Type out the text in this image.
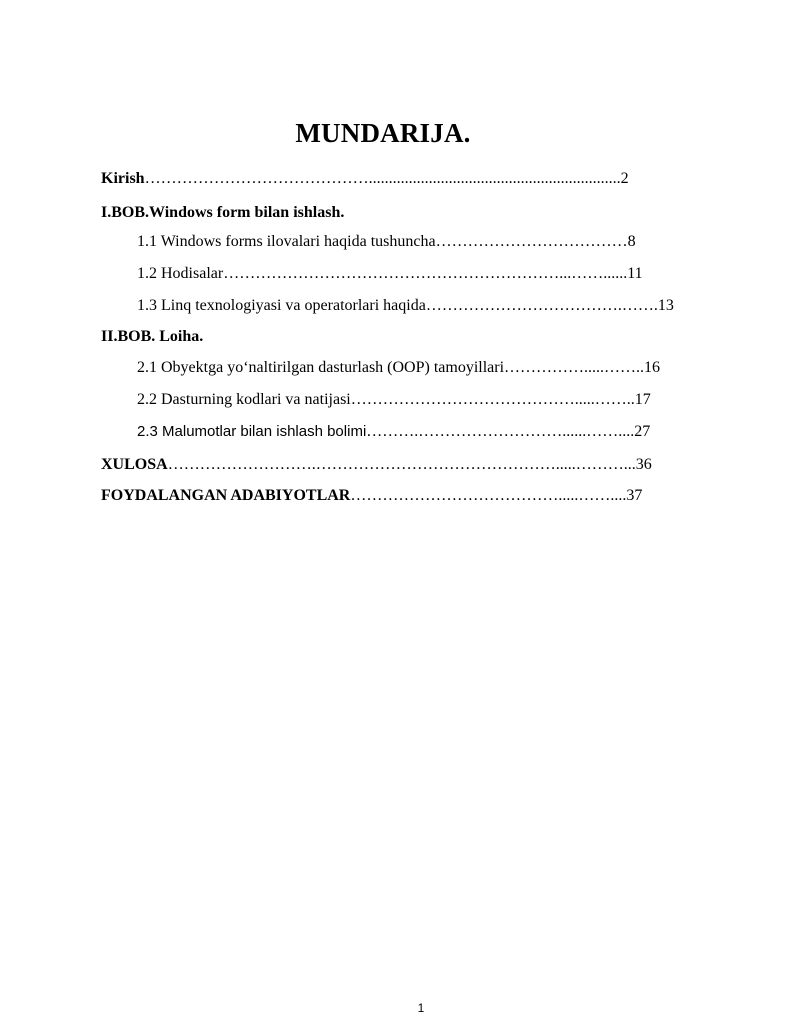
MUNDARIJA.
Kirish……………………………………...............................................................2
I.BOB.Windows form bilan ishlash.
1.1 Windows forms ilovalari haqida tushuncha………………………………8
1.2 Hodisalar………………………………………………………...……......11
1.3 Linq texnologiyasi va operatorlari haqida……………………………….…….13
II.BOB. Loiha.
2.1 Obyektga yo‘naltirilgan dasturlash (OOP) tamoyillari…………….....……..16
2.2 Dasturning kodlari va natijasi…………………………………….....……..17
2.3 Malumotlar bilan ishlash bolimi……….………………………......……....27
XULOSA……………………….……………………………………….....………...36
FOYDALANGAN ADABIYOTLAR………………………………….....……....37
1
